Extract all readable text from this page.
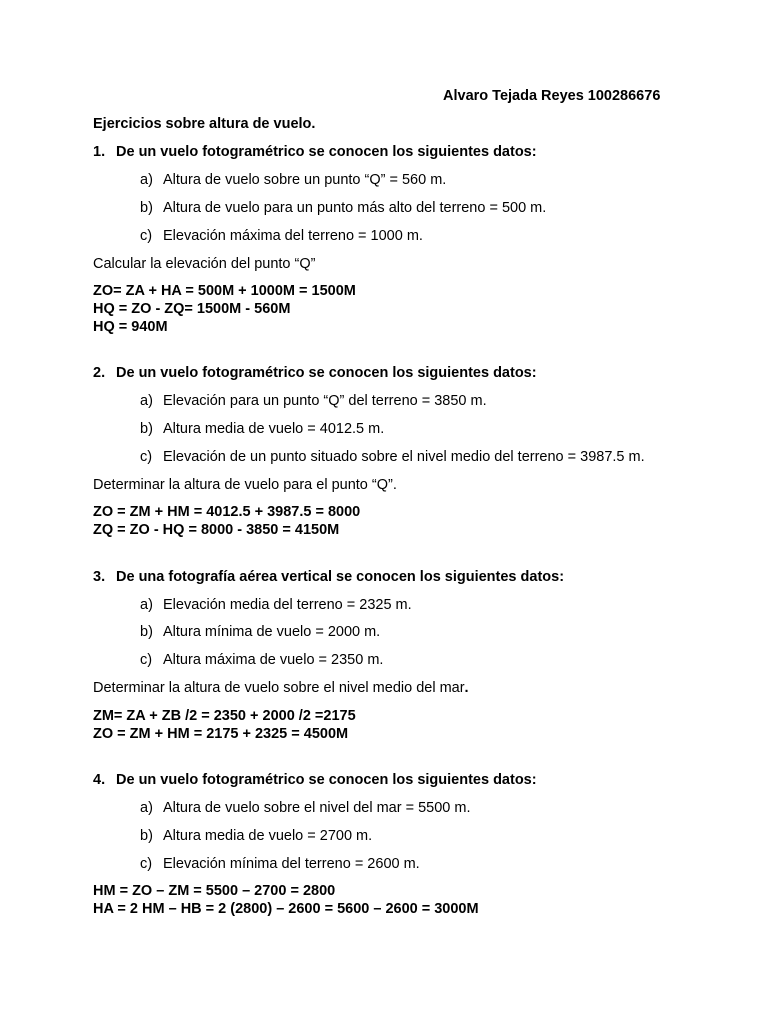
Alvaro Tejada Reyes 100286676
Ejercicios sobre altura de vuelo.
1. De un vuelo fotogramétrico se conocen los siguientes datos:
a) Altura de vuelo sobre un punto “Q” = 560 m.
b) Altura de vuelo para un punto más alto del terreno = 500 m.
c) Elevación máxima del terreno = 1000 m.
Calcular la elevación del punto “Q”
ZO= ZA + HA = 500M + 1000M = 1500M
HQ = ZO - ZQ= 1500M - 560M
HQ = 940M
2. De un vuelo fotogramétrico se conocen los siguientes datos:
a) Elevación para un punto “Q” del terreno = 3850 m.
b) Altura media de vuelo = 4012.5 m.
c) Elevación de un punto situado sobre el nivel medio del terreno = 3987.5 m.
Determinar la altura de vuelo para el punto “Q”.
ZO = ZM + HM = 4012.5 + 3987.5 = 8000
ZQ = ZO - HQ = 8000 - 3850 = 4150M
3. De una fotografía aérea vertical se conocen los siguientes datos:
a) Elevación media del terreno = 2325 m.
b) Altura mínima de vuelo = 2000 m.
c) Altura máxima de vuelo = 2350 m.
Determinar la altura de vuelo sobre el nivel medio del mar.
ZM= ZA + ZB /2 = 2350 + 2000 /2 =2175
ZO = ZM + HM = 2175 + 2325 = 4500M
4. De un vuelo fotogramétrico se conocen los siguientes datos:
a) Altura de vuelo sobre el nivel del mar = 5500 m.
b) Altura media de vuelo = 2700 m.
c) Elevación mínima del terreno = 2600 m.
HM = ZO – ZM = 5500 – 2700 = 2800
HA = 2 HM – HB = 2 (2800) – 2600 = 5600 – 2600 = 3000M
